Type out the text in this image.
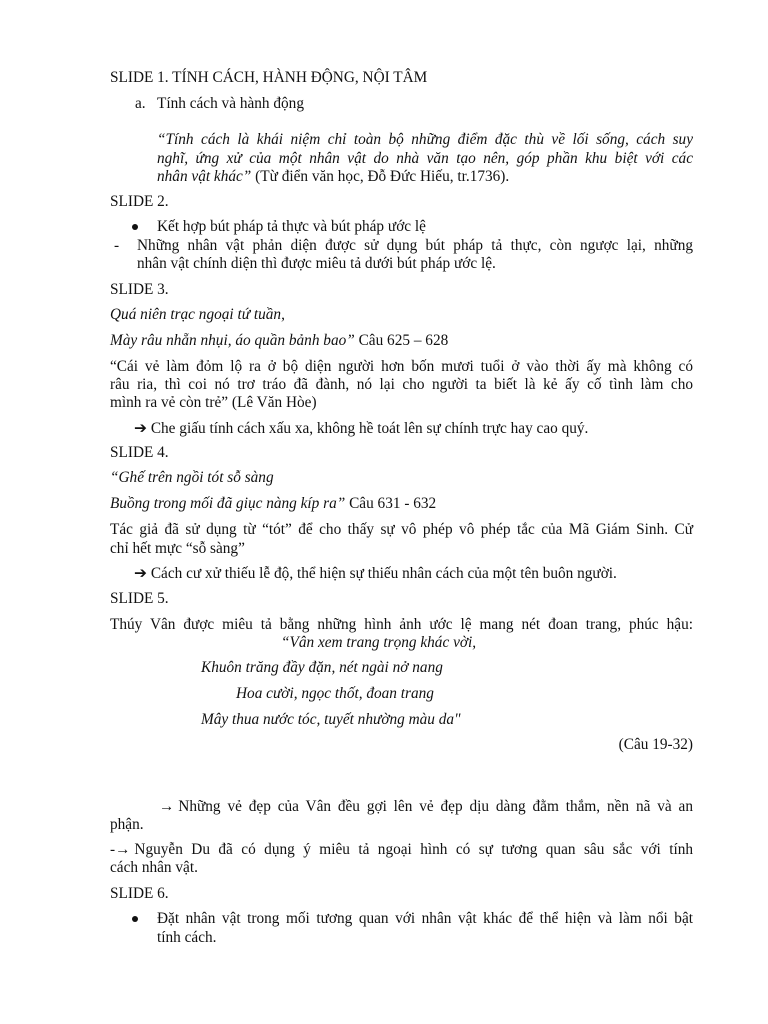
SLIDE 1. TÍNH CÁCH, HÀNH ĐỘNG, NỘI TÂM
a. Tính cách và hành động
“Tính cách là khái niệm chỉ toàn bộ những điểm đặc thù về lối sống, cách suy
nghĩ, ứng xử của một nhân vật do nhà văn tạo nên, góp phần khu biệt với các
nhân vật khác” (Từ điển văn học, Đỗ Đức Hiếu, tr.1736).
SLIDE 2.
Kết hợp bút pháp tả thực và bút pháp ước lệ
- Những nhân vật phản diện được sử dụng bút pháp tả thực, còn ngược lại, những
nhân vật chính diện thì được miêu tả dưới bút pháp ước lệ.
SLIDE 3.
Quá niên trạc ngoại tứ tuần,
Mày râu nhẵn nhụi, áo quần bảnh bao” Câu 625 – 628
“Cái vẻ làm đỏm lộ ra ở bộ diện người hơn bốn mươi tuổi ở vào thời ấy mà không có
râu ria, thì coi nó trơ tráo đã đành, nó lại cho người ta biết là kẻ ấy cố tình làm cho
mình ra vẻ còn trẻ” (Lê Văn Hòe)
➔ Che giấu tính cách xấu xa, không hề toát lên sự chính trực hay cao quý.
SLIDE 4.
“Ghế trên ngồi tót sỗ sàng
Buồng trong mối đã giục nàng kíp ra” Câu 631 - 632
Tác giả đã sử dụng từ “tót” để cho thấy sự vô phép vô phép tắc của Mã Giám Sinh. Cử
chỉ hết mực “sỗ sàng”
➔ Cách cư xử thiếu lễ độ, thể hiện sự thiếu nhân cách của một tên buôn người.
SLIDE 5.
Thúy Vân được miêu tả bằng những hình ảnh ước lệ mang nét đoan trang, phúc hậu:
“Vân xem trang trọng khác vời,
Khuôn trăng đầy đặn, nét ngài nở nang
Hoa cười, ngọc thốt, đoan trang
Mây thua nước tóc, tuyết nhường màu da"
(Câu 19-32)
→ Những vẻ đẹp của Vân đều gợi lên vẻ đẹp dịu dàng đằm thắm, nền nã và an
phận.
-→ Nguyễn Du đã có dụng ý miêu tả ngoại hình có sự tương quan sâu sắc với tính
cách nhân vật.
SLIDE 6.
Đặt nhân vật trong mối tương quan với nhân vật khác để thể hiện và làm nổi bật
tính cách.
